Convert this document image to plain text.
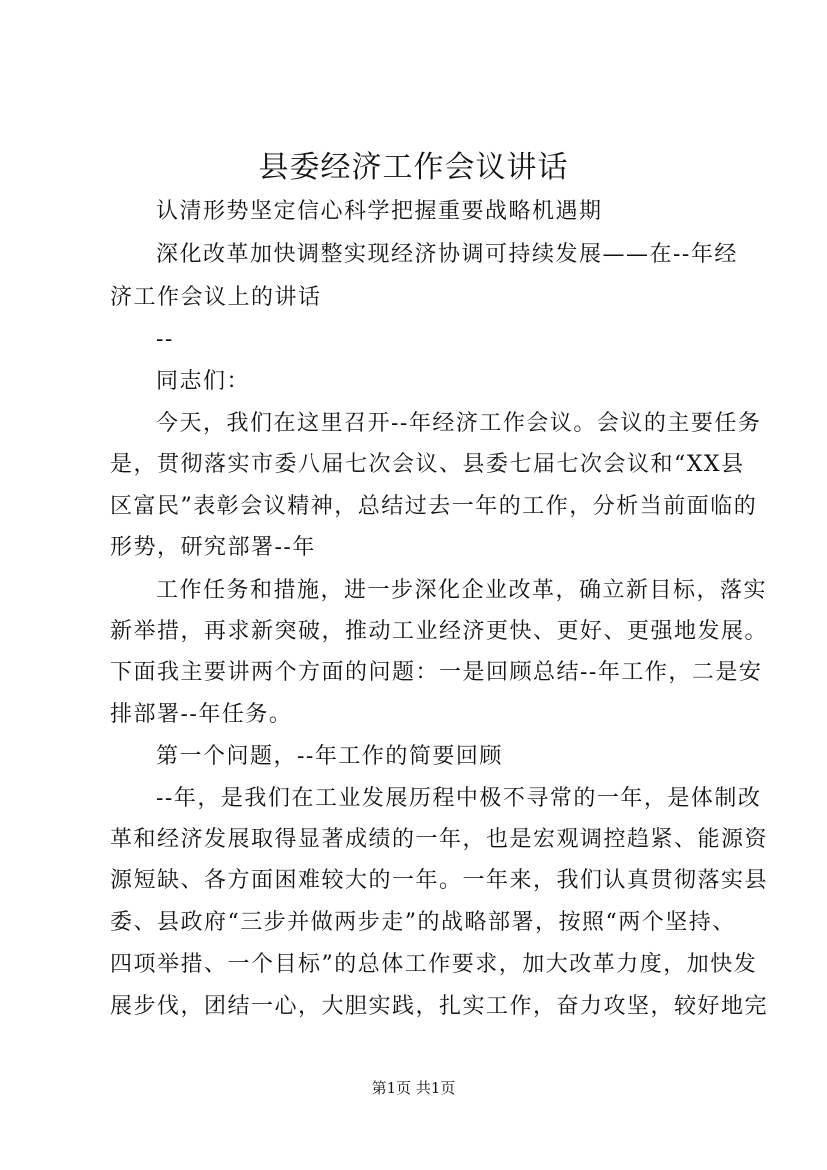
县委经济工作会议讲话
认清形势坚定信心科学把握重要战略机遇期
深化改革加快调整实现经济协调可持续发展——在--年经
济工作会议上的讲话
--
同志们：
今天，我们在这里召开--年经济工作会议。会议的主要任务
是，贯彻落实市委八届七次会议、县委七届七次会议和“XX县
区富民”表彰会议精神，总结过去一年的工作，分析当前面临的
形势，研究部署--年
工作任务和措施，进一步深化企业改革，确立新目标，落实
新举措，再求新突破，推动工业经济更快、更好、更强地发展。
下面我主要讲两个方面的问题：一是回顾总结--年工作，二是安
排部署--年任务。
第一个问题，--年工作的简要回顾
--年，是我们在工业发展历程中极不寻常的一年，是体制改
革和经济发展取得显著成绩的一年，也是宏观调控趋紧、能源资
源短缺、各方面困难较大的一年。一年来，我们认真贯彻落实县
委、县政府“三步并做两步走”的战略部署，按照“两个坚持、
四项举措、一个目标”的总体工作要求，加大改革力度，加快发
展步伐，团结一心，大胆实践，扎实工作，奋力攻坚，较好地完
第1页 共1页
